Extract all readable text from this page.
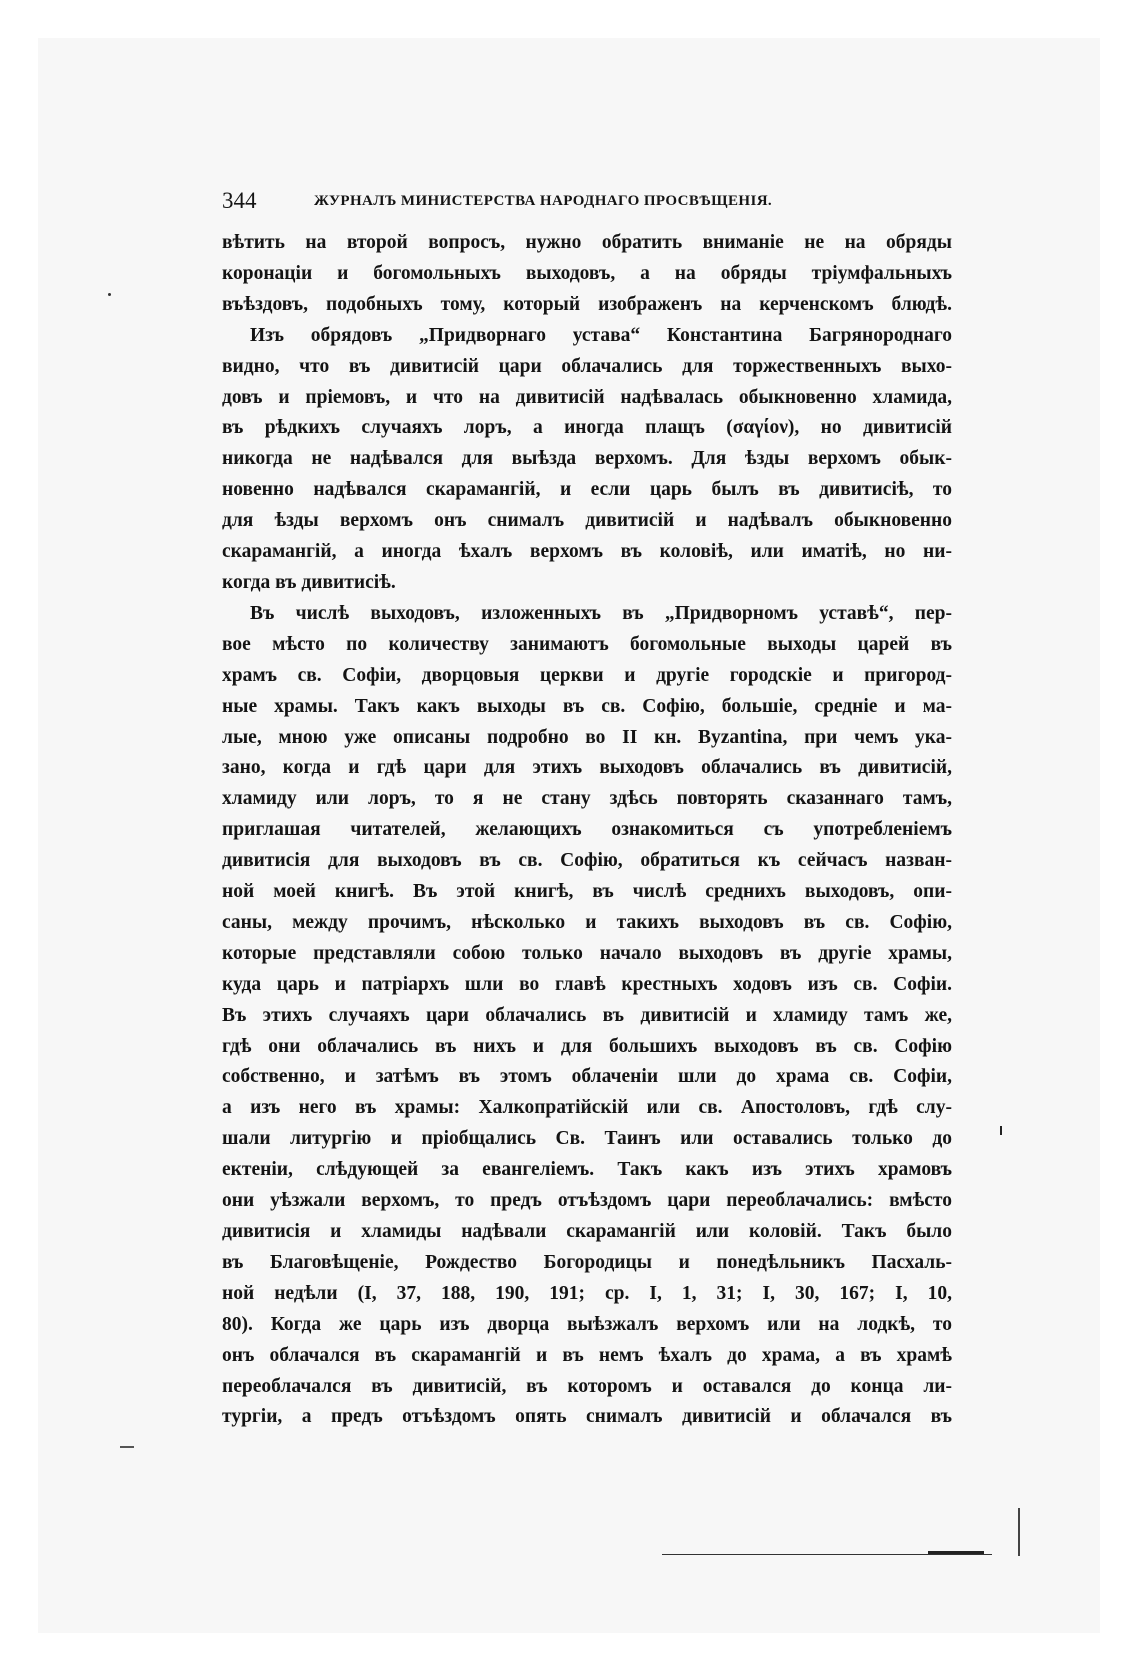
344	ЖУРНАЛЪ МИНИСТЕРСТВА НАРОДНАГО ПРОСВѢЩЕНІЯ.
вѣтить на второй вопросъ, нужно обратить вниманіе не на обряды
коронаціи и богомольныхъ выходовъ, а на обряды тріумфальныхъ
въѣздовъ, подобныхъ тому, который изображенъ на керченскомъ блюдѣ.
Изъ обрядовъ „Придворнаго устава“ Константина Багрянороднаго
видно, что въ дивитисій цари облачались для торжественныхъ выхо-
довъ и пріемовъ, и что на дивитисій надѣвалась обыкновенно хламида,
въ рѣдкихъ случаяхъ лоръ, а иногда плащъ (σαγίον), но дивитисій
никогда не надѣвался для выѣзда верхомъ. Для ѣзды верхомъ обык-
новенно надѣвался скарамангій, и если царь былъ въ дивитисіѣ, то
для ѣзды верхомъ онъ снималъ дивитисій и надѣвалъ обыкновенно
скарамангій, а иногда ѣхалъ верхомъ въ коловіѣ, или иматіѣ, но ни-
когда въ дивитисіѣ.
Въ числѣ выходовъ, изложенныхъ въ „Придворномъ уставѣ“, пер-
вое мѣсто по количеству занимаютъ богомольные выходы царей въ
храмъ св. Софіи, дворцовыя церкви и другіе городскіе и пригород-
ные храмы. Такъ какъ выходы въ св. Софію, большіе, средніе и ма-
лые, мною уже описаны подробно во II кн. Byzantina, при чемъ ука-
зано, когда и гдѣ цари для этихъ выходовъ облачались въ дивитисій,
хламиду или лоръ, то я не стану здѣсь повторять сказаннаго тамъ,
приглашая читателей, желающихъ ознакомиться съ употребленіемъ
дивитисія для выходовъ въ св. Софію, обратиться къ сейчасъ назван-
ной моей книгѣ. Въ этой книгѣ, въ числѣ среднихъ выходовъ, опи-
саны, между прочимъ, нѣсколько и такихъ выходовъ въ св. Софію,
которые представляли собою только начало выходовъ въ другіе храмы,
куда царь и патріархъ шли во главѣ крестныхъ ходовъ изъ св. Софіи.
Въ этихъ случаяхъ цари облачались въ дивитисій и хламиду тамъ же,
гдѣ они облачались въ нихъ и для большихъ выходовъ въ св. Софію
собственно, и затѣмъ въ этомъ облаченіи шли до храма св. Софіи,
а изъ него въ храмы: Халкопратійскій или св. Апостоловъ, гдѣ слу-
шали литургію и пріобщались Св. Таинъ или оставались только до
ектеніи, слѣдующей за евангеліемъ. Такъ какъ изъ этихъ храмовъ
они уѣзжали верхомъ, то предъ отъѣздомъ цари переоблачались: вмѣсто
дивитисія и хламиды надѣвали скарамангій или коловій. Такъ было
въ Благовѣщеніе, Рождество Богородицы и понедѣльникъ Пасхаль-
ной недѣли (I, 37, 188, 190, 191; ср. I, 1, 31; I, 30, 167; I, 10,
80). Когда же царь изъ дворца выѣзжалъ верхомъ или на лодкѣ, то
онъ облачался въ скарамангій и въ немъ ѣхалъ до храма, а въ храмѣ
переоблачался въ дивитисій, въ которомъ и оставался до конца ли-
тургіи, а предъ отъѣздомъ опять снималъ дивитисій и облачался въ
